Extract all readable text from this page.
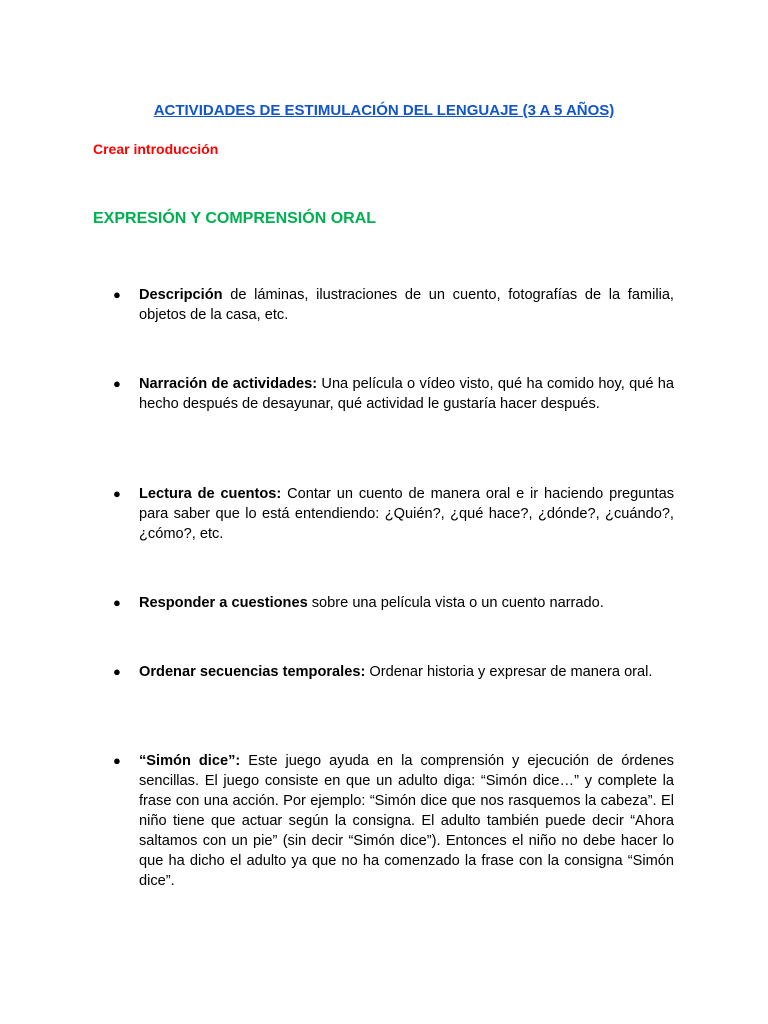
ACTIVIDADES DE ESTIMULACIÓN DEL LENGUAJE (3 A 5 AÑOS)
Crear introducción
EXPRESIÓN Y COMPRENSIÓN ORAL
●	Descripción de láminas, ilustraciones de un cuento, fotografías de la familia, objetos de la casa, etc.
●	Narración de actividades: Una película o vídeo visto, qué ha comido hoy, qué ha hecho después de desayunar, qué actividad le gustaría hacer después.
●	Lectura de cuentos: Contar un cuento de manera oral e ir haciendo preguntas para saber que lo está entendiendo: ¿Quién?, ¿qué hace?, ¿dónde?, ¿cuándo?, ¿cómo?, etc.
●	Responder a cuestiones sobre una película vista o un cuento narrado.
●	Ordenar secuencias temporales: Ordenar historia y expresar de manera oral.
●	“Simón dice”: Este juego ayuda en la comprensión y ejecución de órdenes sencillas. El juego consiste en que un adulto diga: “Simón dice…” y complete la frase con una acción. Por ejemplo: “Simón dice que nos rasquemos la cabeza”. El niño tiene que actuar según la consigna. El adulto también puede decir “Ahora saltamos con un pie” (sin decir “Simón dice”). Entonces el niño no debe hacer lo que ha dicho el adulto ya que no ha comenzado la frase con la consigna “Simón dice”.
